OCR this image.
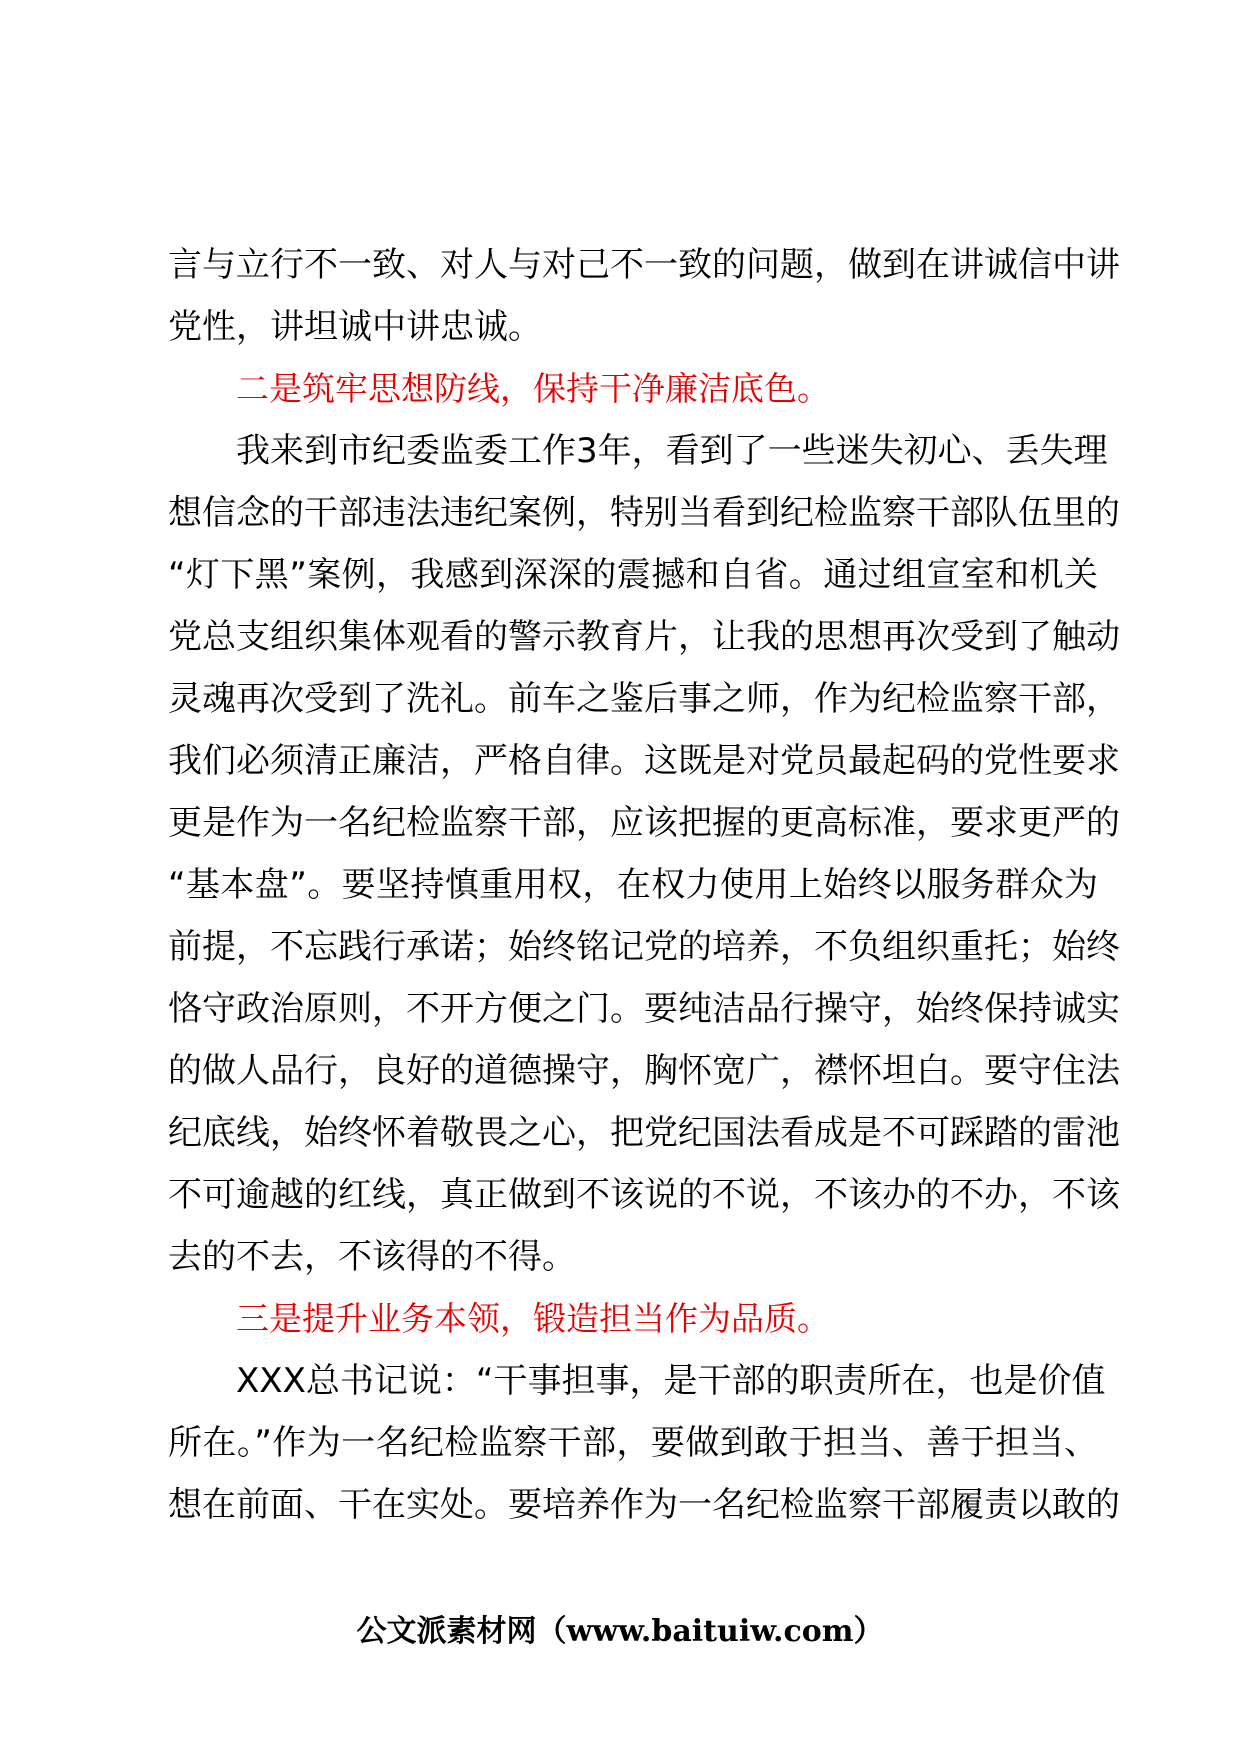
言与立行不一致、对人与对己不一致的问题，做到在讲诚信中讲
党性，讲坦诚中讲忠诚。
二是筑牢思想防线，保持干净廉洁底色。
我来到市纪委监委工作3年，看到了一些迷失初心、丢失理
想信念的干部违法违纪案例，特别当看到纪检监察干部队伍里的
“灯下黑”案例，我感到深深的震撼和自省。通过组宣室和机关
党总支组织集体观看的警示教育片，让我的思想再次受到了触动
灵魂再次受到了洗礼。前车之鉴后事之师，作为纪检监察干部，
我们必须清正廉洁，严格自律。这既是对党员最起码的党性要求
更是作为一名纪检监察干部，应该把握的更高标准，要求更严的
“基本盘”。要坚持慎重用权，在权力使用上始终以服务群众为
前提，不忘践行承诺；始终铭记党的培养，不负组织重托；始终
恪守政治原则，不开方便之门。要纯洁品行操守，始终保持诚实
的做人品行，良好的道德操守，胸怀宽广，襟怀坦白。要守住法
纪底线，始终怀着敬畏之心，把党纪国法看成是不可踩踏的雷池
不可逾越的红线，真正做到不该说的不说，不该办的不办，不该
去的不去，不该得的不得。
三是提升业务本领，锻造担当作为品质。
XXX总书记说：“干事担事，是干部的职责所在，也是价值
所在。”作为一名纪检监察干部，要做到敢于担当、善于担当、
想在前面、干在实处。要培养作为一名纪检监察干部履责以敢的
公文派素材网（www.baituiw.com）
